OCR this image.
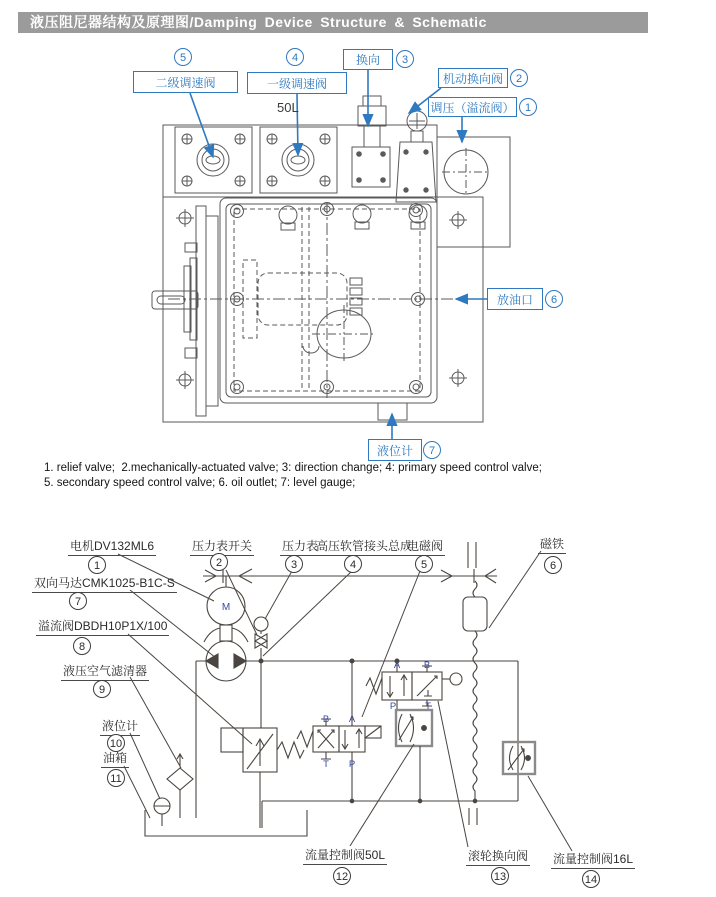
M
B A
T P
A B
P	T
液压阻尼器结构及原理图/Damping Device Structure & Schematic
50L
二级调速阀
5
一级调速阀
4	换向	3
机动换向阀	2
调压（溢流阀） 1
放油口	6
液位计	7
1. relief valve;  2.mechanically-actuated valve; 3: direction change; 4: primary speed control valve;
5. secondary speed control valve; 6. oil outlet; 7: level gauge;
电机DV132ML6
1
压力表开关
2
压力表
3
高压软管接头总成
4
电磁阀
5
磁铁
6
双向马达CMK1025-B1C-S
7
溢流阀DBDH10P1X/100
8
液压空气滤清器
9
液位计
10
油箱
11
流量控制阀50L
12
滚轮换向阀
13
流量控制阀16L
14
